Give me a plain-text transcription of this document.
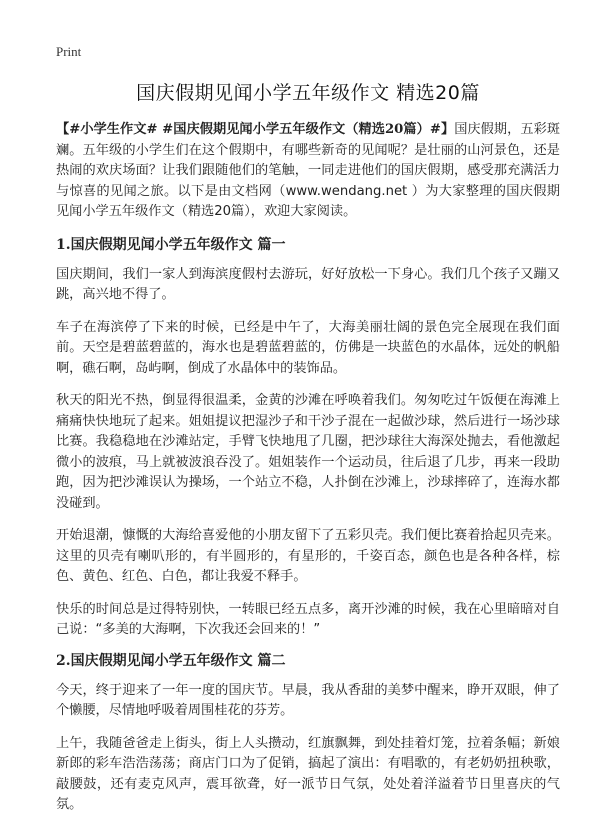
Print
国庆假期见闻小学五年级作文 精选20篇

【#小学生作文# #国庆假期见闻小学五年级作文（精选20篇）#】国庆假期，五彩斑斓。五年级的小学生们在这个假期中，有哪些新奇的见闻呢？是壮丽的山河景色，还是热闹的欢庆场面？让我们跟随他们的笔触，一同走进他们的国庆假期，感受那充满活力与惊喜的见闻之旅。以下是由文档网（www.wendang.net ）为大家整理的国庆假期见闻小学五年级作文（精选20篇），欢迎大家阅读。

1.国庆假期见闻小学五年级作文 篇一

国庆期间，我们一家人到海滨度假村去游玩，好好放松一下身心。我们几个孩子又蹦又跳，高兴地不得了。

车子在海滨停了下来的时候，已经是中午了，大海美丽壮阔的景色完全展现在我们面前。天空是碧蓝碧蓝的，海水也是碧蓝碧蓝的，仿佛是一块蓝色的水晶体，远处的帆船啊，礁石啊，岛屿啊，倒成了水晶体中的装饰品。

秋天的阳光不热，倒显得很温柔，金黄的沙滩在呼唤着我们。匆匆吃过午饭便在海滩上痛痛快快地玩了起来。姐姐提议把湿沙子和干沙子混在一起做沙球，然后进行一场沙球比赛。我稳稳地在沙滩站定，手臂飞快地甩了几圈，把沙球往大海深处抛去，看他激起微小的波痕，马上就被波浪吞没了。姐姐装作一个运动员，往后退了几步，再来一段助跑，因为把沙滩误认为操场，一个站立不稳，人扑倒在沙滩上，沙球摔碎了，连海水都没碰到。

开始退潮，慷慨的大海给喜爱他的小朋友留下了五彩贝壳。我们便比赛着拾起贝壳来。这里的贝壳有喇叭形的，有半圆形的，有星形的，千姿百态，颜色也是各种各样，棕色、黄色、红色、白色，都让我爱不释手。

快乐的时间总是过得特别快，一转眼已经五点多，离开沙滩的时候，我在心里暗暗对自己说：“多美的大海啊，下次我还会回来的！”

2.国庆假期见闻小学五年级作文 篇二

今天，终于迎来了一年一度的国庆节。早晨，我从香甜的美梦中醒来，睁开双眼，伸了个懒腰，尽情地呼吸着周围桂花的芬芳。

上午，我随爸爸走上街头，街上人头攒动，红旗飘舞，到处挂着灯笼，拉着条幅；新娘新郎的彩车浩浩荡荡；商店门口为了促销，搞起了演出：有唱歌的，有老奶奶扭秧歌，敲腰鼓，还有麦克风声，震耳欲聋，好一派节日气氛，处处着洋溢着节日里喜庆的气氛。
